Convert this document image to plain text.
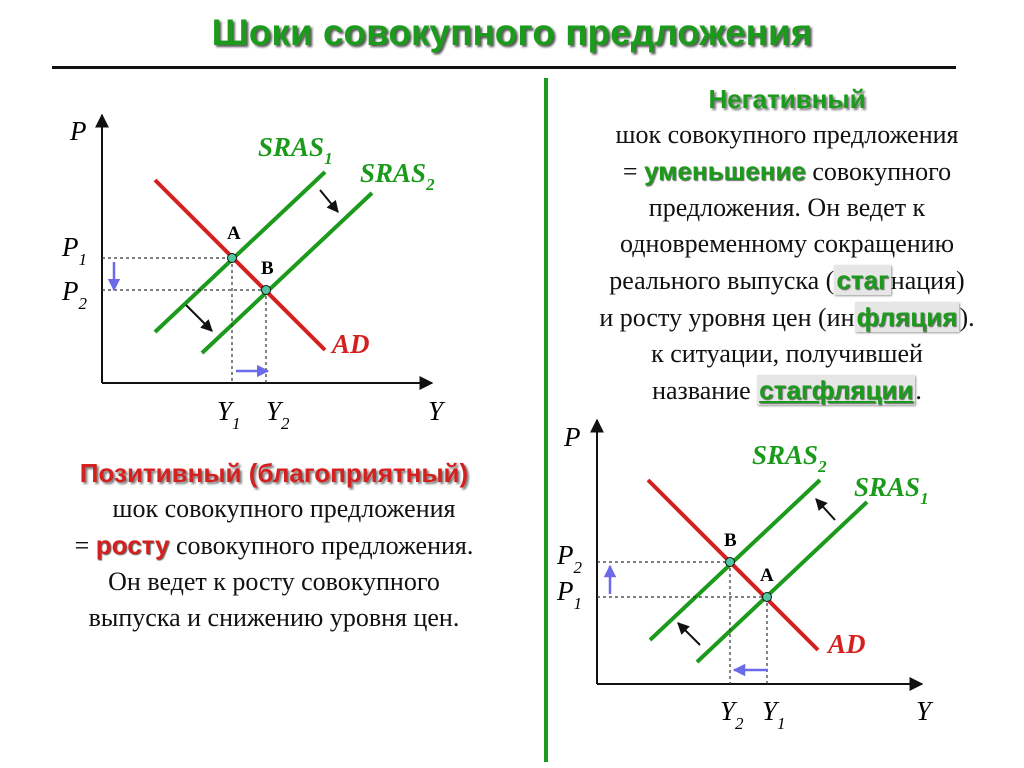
Шоки совокупного предложения
Позитивный (благоприятный)
шок совокупного предложения
= росту совокупного предложения.
Он ведет к росту совокупного
выпуска и снижению уровня цен.
Негативный
шок совокупного предложения
= уменьшение совокупного
предложения. Он ведет к
одновременному сокращению
реального выпуска (стагнация)
и росту уровня цен (инфляция).
к ситуации, получившей
название стагфляции.
P
Y
$SRAS_1$ $SRAS_2$
AD
A
B
$P_1$
$P_2$
$Y_1$ $Y_2$	P
Y
$SRAS_2$
$SRAS_1$
AD
B
A
$P_2$
$P_1$
$Y_2$ $Y_1$
